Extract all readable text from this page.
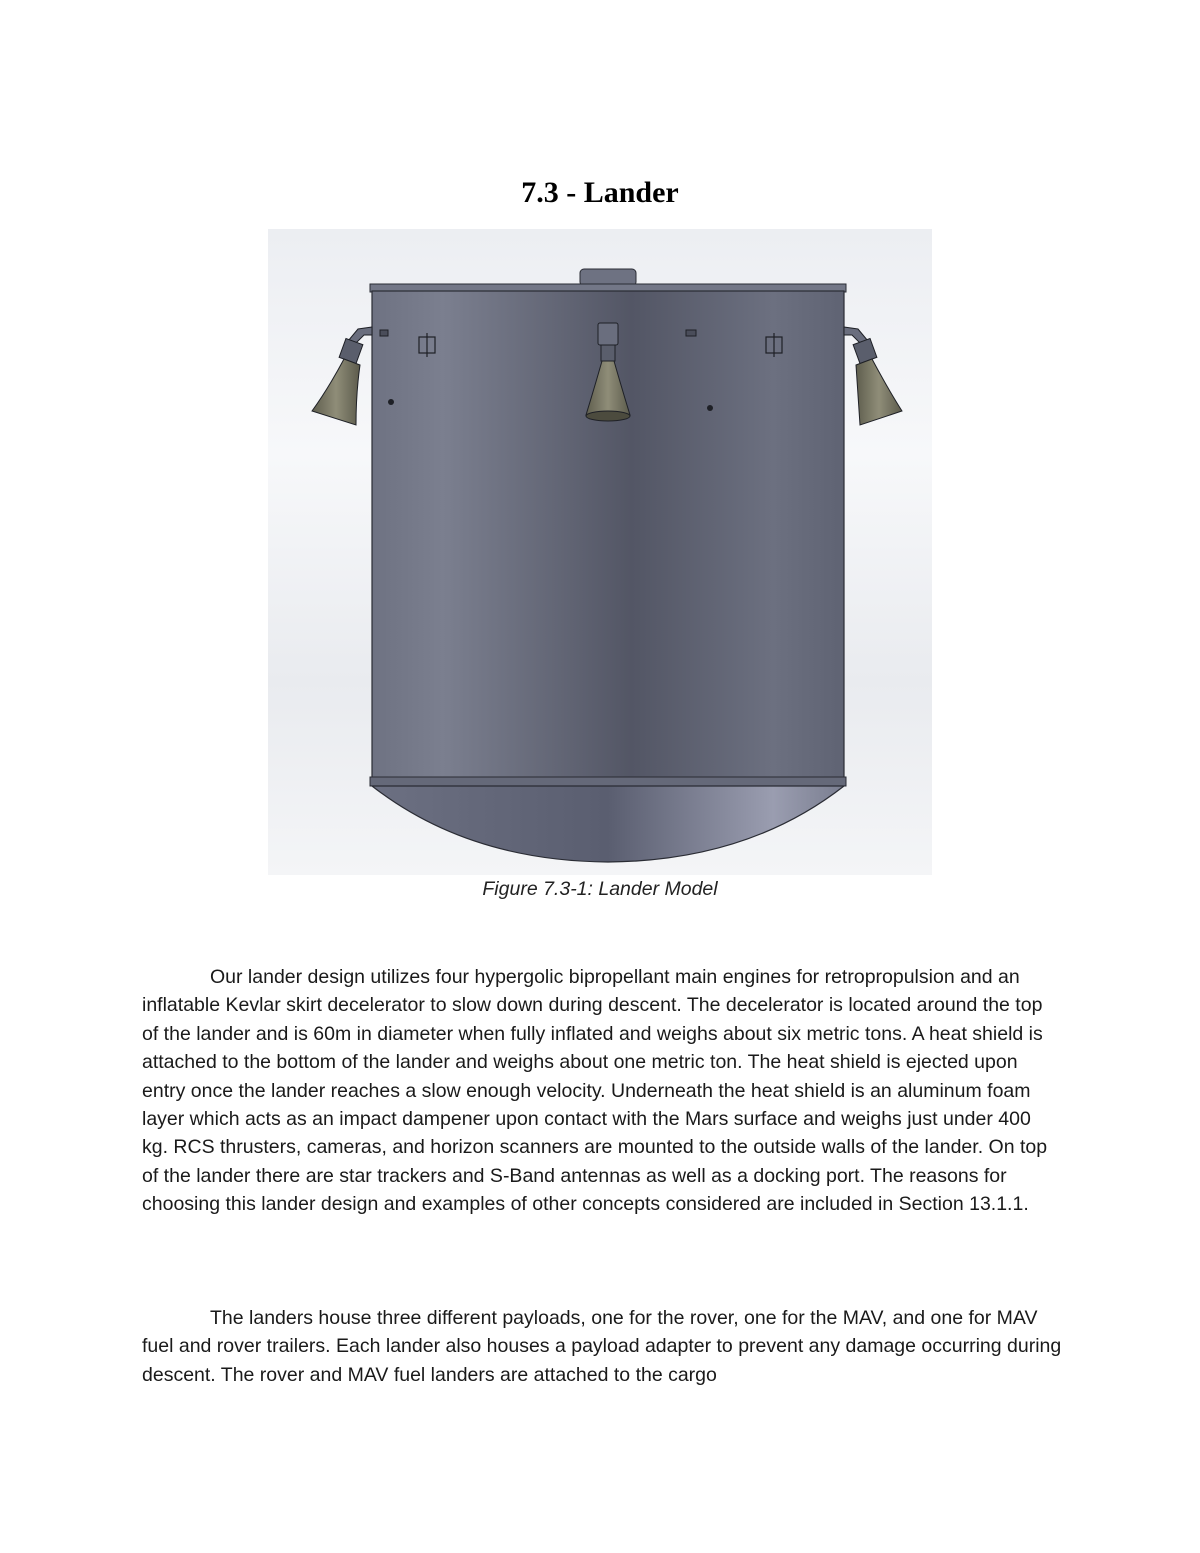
7.3 - Lander
Figure 7.3-1: Lander Model

Our lander design utilizes four hypergolic bipropellant main engines for retropropulsion and an inflatable Kevlar skirt decelerator to slow down during descent. The decelerator is located around the top of the lander and is 60m in diameter when fully inflated and weighs about six metric tons. A heat shield is attached to the bottom of the lander and weighs about one metric ton. The heat shield is ejected upon entry once the lander reaches a slow enough velocity. Underneath the heat shield is an aluminum foam layer which acts as an impact dampener upon contact with the Mars surface and weighs just under 400 kg. RCS thrusters, cameras, and horizon scanners are mounted to the outside walls of the lander. On top of the lander there are star trackers and S-Band antennas as well as a docking port. The reasons for choosing this lander design and examples of other concepts considered are included in Section 13.1.1.

The landers house three different payloads, one for the rover, one for the MAV, and one for MAV fuel and rover trailers. Each lander also houses a payload adapter to prevent any damage occurring during descent. The rover and MAV fuel landers are attached to the cargo
